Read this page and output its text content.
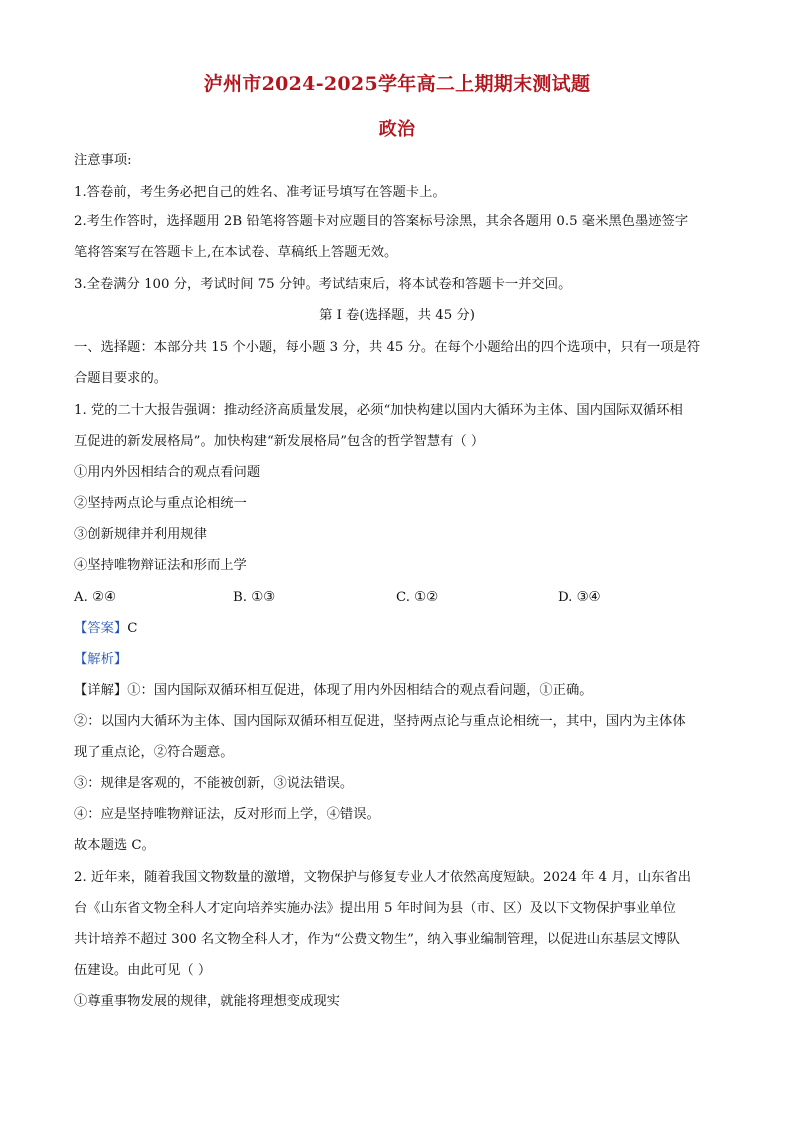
泸州市2024-2025学年高二上期期末测试题
政治
注意事项:
1.答卷前，考生务必把自己的姓名、准考证号填写在答题卡上。
2.考生作答时，选择题用 2B 铅笔将答题卡对应题目的答案标号涂黑，其余各题用 0.5 毫米黑色墨迹签字
笔将答案写在答题卡上,在本试卷、草稿纸上答题无效。
3.全卷满分 100 分，考试时间 75 分钟。考试结束后，将本试卷和答题卡一并交回。
第 I 卷(选择题，共 45 分)
一、选择题：本部分共 15 个小题，每小题 3 分，共 45 分。在每个小题给出的四个选项中，只有一项是符
合题目要求的。
1. 党的二十大报告强调：推动经济高质量发展，必须“加快构建以国内大循环为主体、国内国际双循环相
互促进的新发展格局”。加快构建“新发展格局”包含的哲学智慧有（ ）
①用内外因相结合的观点看问题
②坚持两点论与重点论相统一
③创新规律并利用规律
④坚持唯物辩证法和形而上学
A. ②④	B. ①③	C. ①②	D. ③④
【答案】C
【解析】
【详解】①：国内国际双循环相互促进，体现了用内外因相结合的观点看问题，①正确。
②：以国内大循环为主体、国内国际双循环相互促进，坚持两点论与重点论相统一，其中，国内为主体体
现了重点论，②符合题意。
③：规律是客观的，不能被创新，③说法错误。
④：应是坚持唯物辩证法，反对形而上学，④错误。
故本题选 C。
2. 近年来，随着我国文物数量的激增，文物保护与修复专业人才依然高度短缺。2024 年 4 月，山东省出
台《山东省文物全科人才定向培养实施办法》提出用 5 年时间为县（市、区）及以下文物保护事业单位
共计培养不超过 300 名文物全科人才，作为“公费文物生”，纳入事业编制管理，以促进山东基层文博队
伍建设。由此可见（ ）
①尊重事物发展的规律，就能将理想变成现实
